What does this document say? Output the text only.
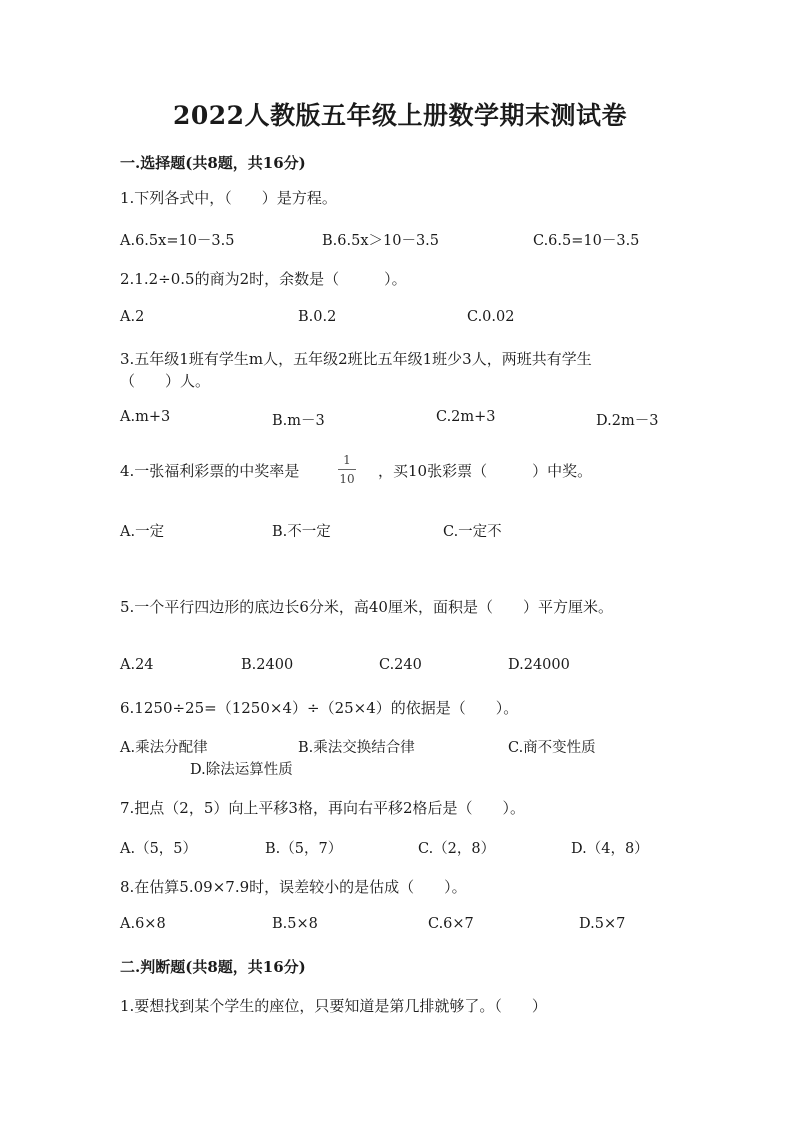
2022人教版五年级上册数学期末测试卷
一.选择题(共8题，共16分)
1.下列各式中，（　　）是方程。
A.6.5x=10－3.5	B.6.5x＞10－3.5	C.6.5=10－3.5
2.1.2÷0.5的商为2时，余数是（　　　）。
A.2	B.0.2	C.0.02
3.五年级1班有学生m人，五年级2班比五年级1班少3人，两班共有学生
（　　）人。
A.m+3	B.m－3	C.2m+3	D.2m－3
4.一张福利彩票的中奖率是
1
10 ，买10张彩票（　　　）中奖。
A.一定	B.不一定	C.一定不
5.一个平行四边形的底边长6分米，高40厘米，面积是（　　）平方厘米。
A.24	B.2400	C.240	D.24000
6.1250÷25=（1250×4）÷（25×4）的依据是（　　）。
A.乘法分配律	B.乘法交换结合律	C.商不变性质
D.除法运算性质
7.把点（2，5）向上平移3格，再向右平移2格后是（　　）。
A.（5，5）	B.（5，7）	C.（2，8）	D.（4，8）
8.在估算5.09×7.9时，误差较小的是估成（　　）。
A.6×8	B.5×8	C.6×7	D.5×7
二.判断题(共8题，共16分)
1.要想找到某个学生的座位，只要知道是第几排就够了。（　　）
